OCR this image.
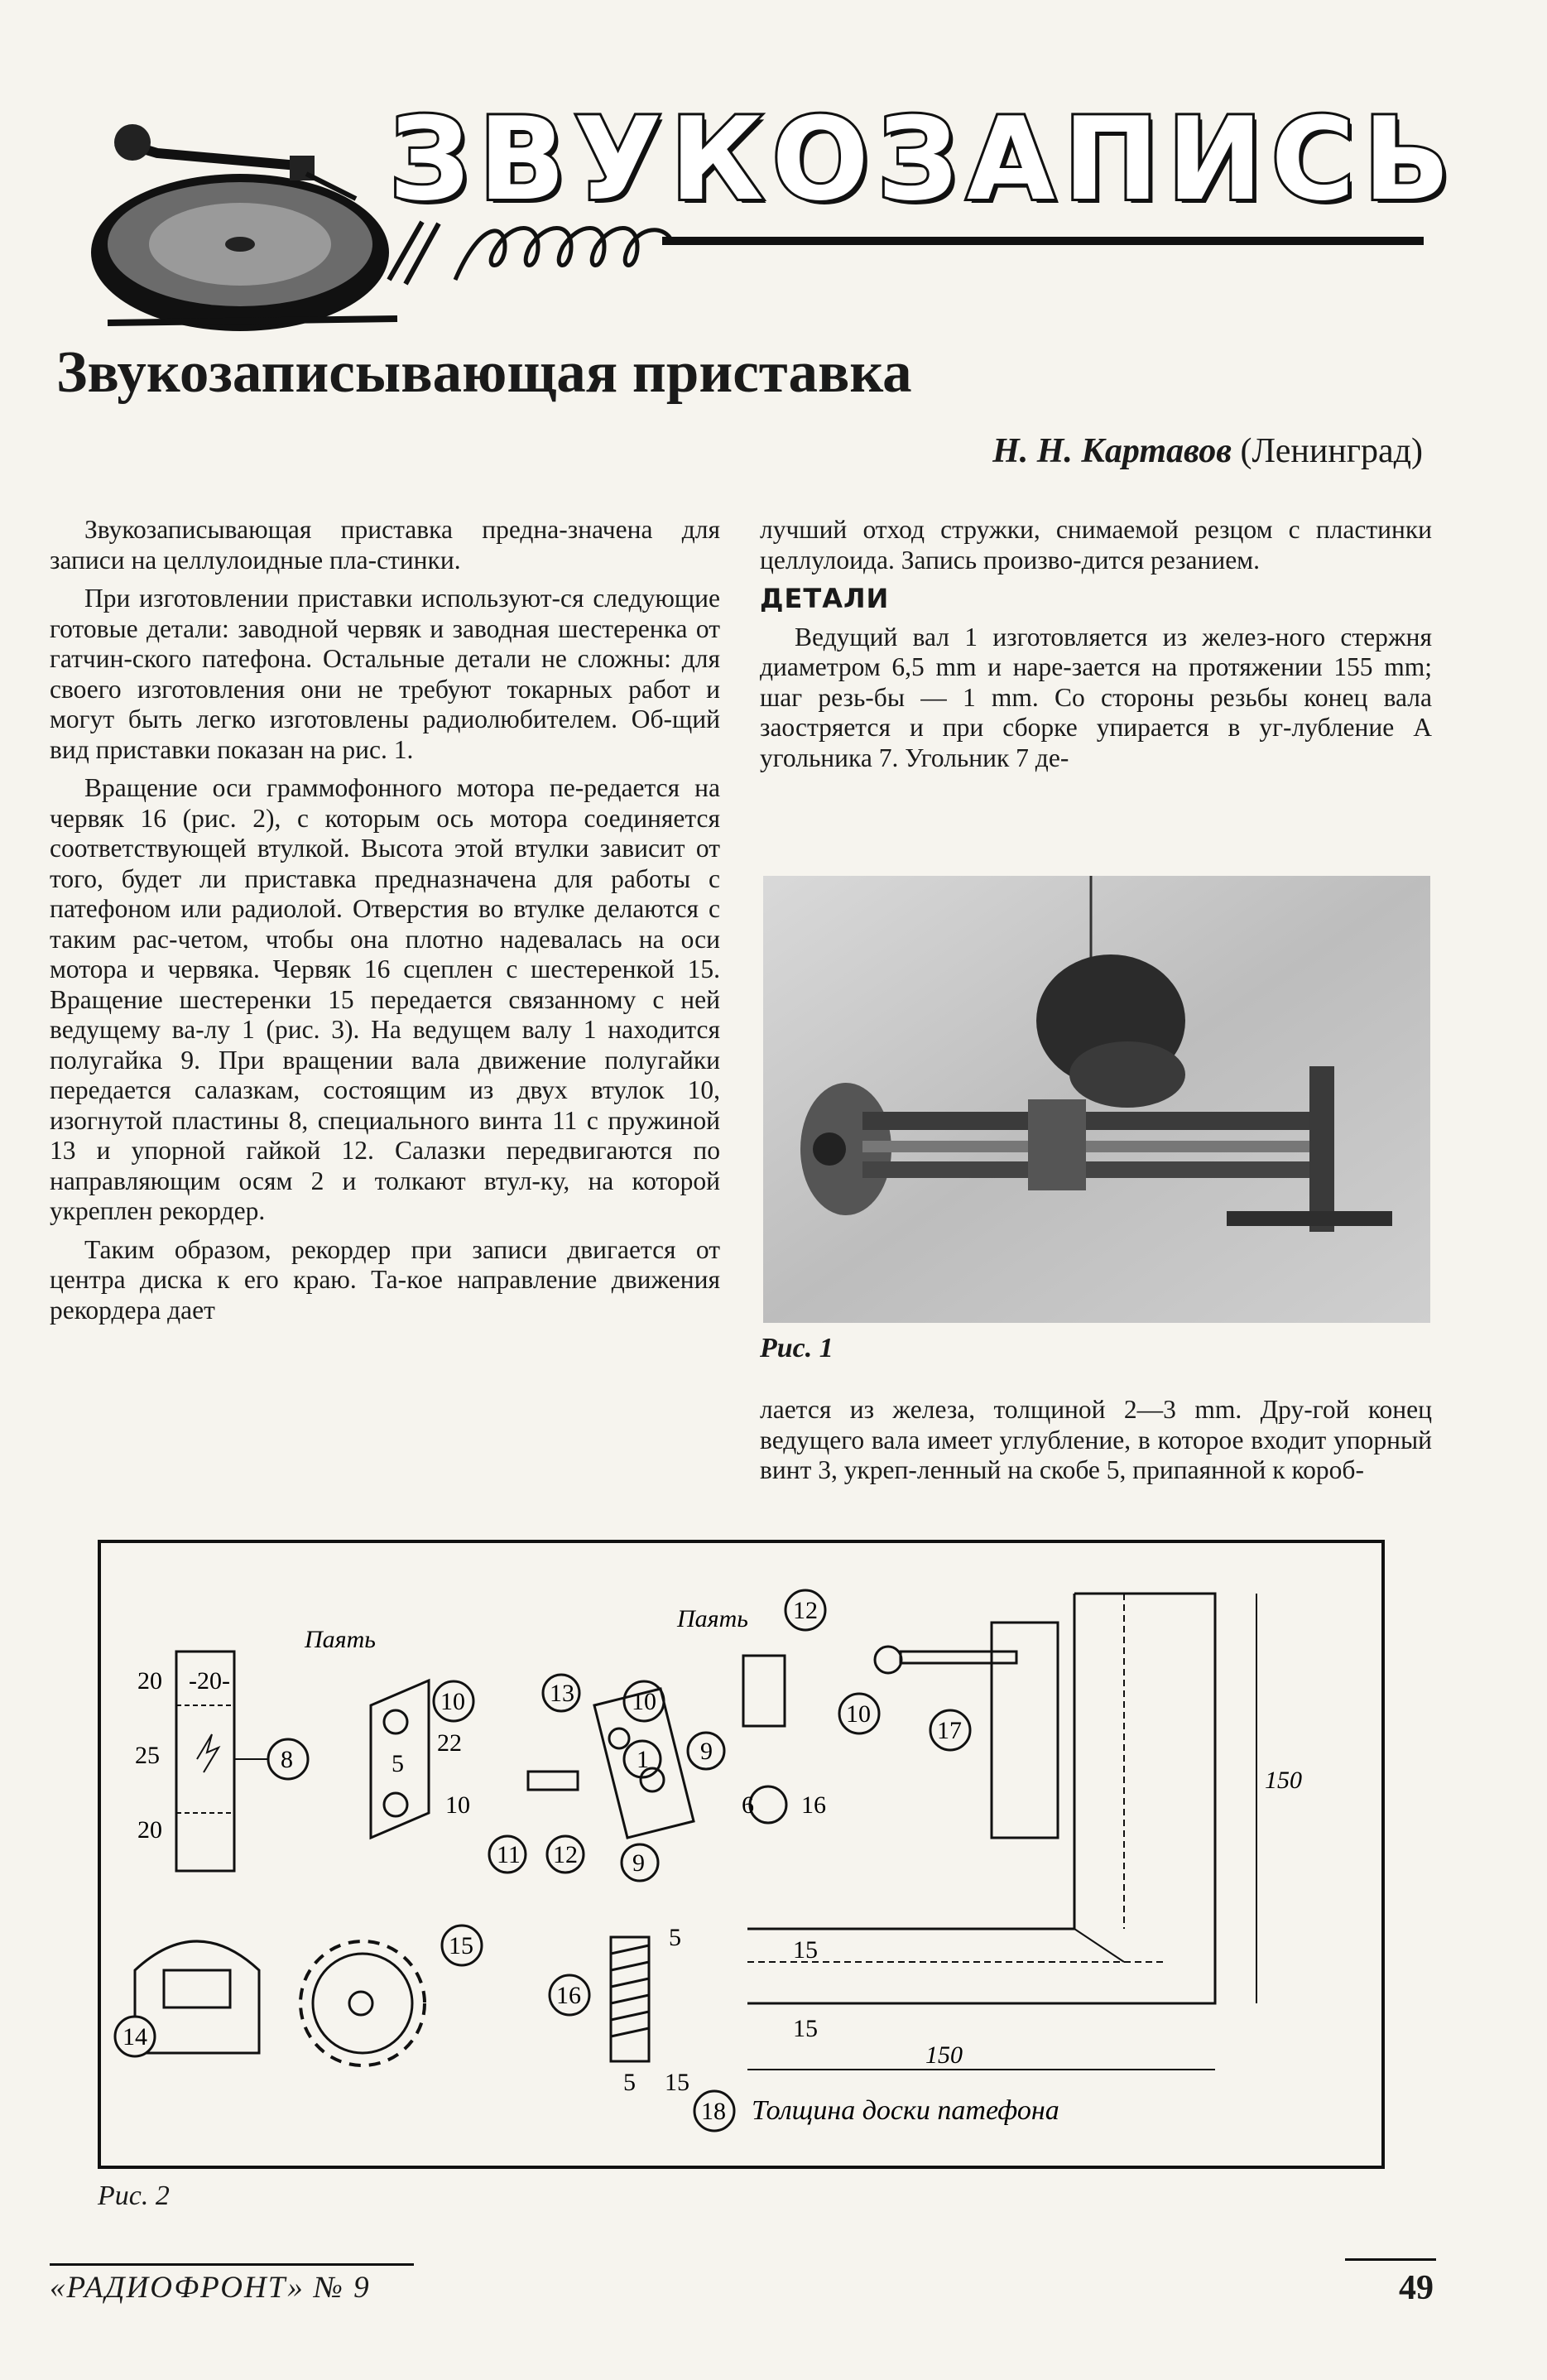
ЗВУКОЗАПИСЬ
Звукозаписывающая приставка
Н. Н. Картавов (Ленинград)

Звукозаписывающая приставка предна-значена для записи на целлулоидные пла-стинки.

При изготовлении приставки используют-ся следующие готовые детали: заводной червяк и заводная шестеренка от гатчин-ского патефона. Остальные детали не сложны: для своего изготовления они не требуют токарных работ и могут быть легко изготовлены радиолюбителем. Об-щий вид приставки показан на рис. 1.

Вращение оси граммофонного мотора пе-редается на червяк 16 (рис. 2), с которым ось мотора соединяется соответствующей втулкой. Высота этой втулки зависит от того, будет ли приставка предназначена для работы с патефоном или радиолой. Отверстия во втулке делаются с таким рас-четом, чтобы она плотно надевалась на оси мотора и червяка. Червяк 16 сцеплен с шестеренкой 15. Вращение шестеренки 15 передается связанному с ней ведущему ва-лу 1 (рис. 3). На ведущем валу 1 находится полугайка 9. При вращении вала движение полугайки передается салазкам, состоящим из двух втулок 10, изогнутой пластины 8, специального винта 11 с пружиной 13 и упорной гайкой 12. Салазки передвигаются по направляющим осям 2 и толкают втул-ку, на которой укреплен рекордер.

Таким образом, рекордер при записи двигается от центра диска к его краю. Та-кое направление движения рекордера дает

лучший отход стружки, снимаемой резцом с пластинки целлулоида. Запись произво-дится резанием.

ДЕТАЛИ

Ведущий вал 1 изготовляется из желез-ного стержня диаметром 6,5 mm и наре-зается на протяжении 155 mm; шаг резь-бы — 1 mm. Со стороны резьбы конец вала заостряется и при сборке упирается в уг-лубление А угольника 7. Угольник 7 де-

Рис. 1

лается из железа, толщиной 2—3 mm. Дру-гой конец ведущего вала имеет углубление, в которое входит упорный винт 3, укреп-ленный на скобе 5, припаянной к короб-

20 -20-
25
20
8
Паять
10
5
22
10
13 10
1
11 12 9
Паять 12
9
6 16
10
17
14
15
16
5
5 15
150
15
15
150
18 Толщина доски патефона
Рис. 2
«РАДИОФРОНТ» № 9	49
